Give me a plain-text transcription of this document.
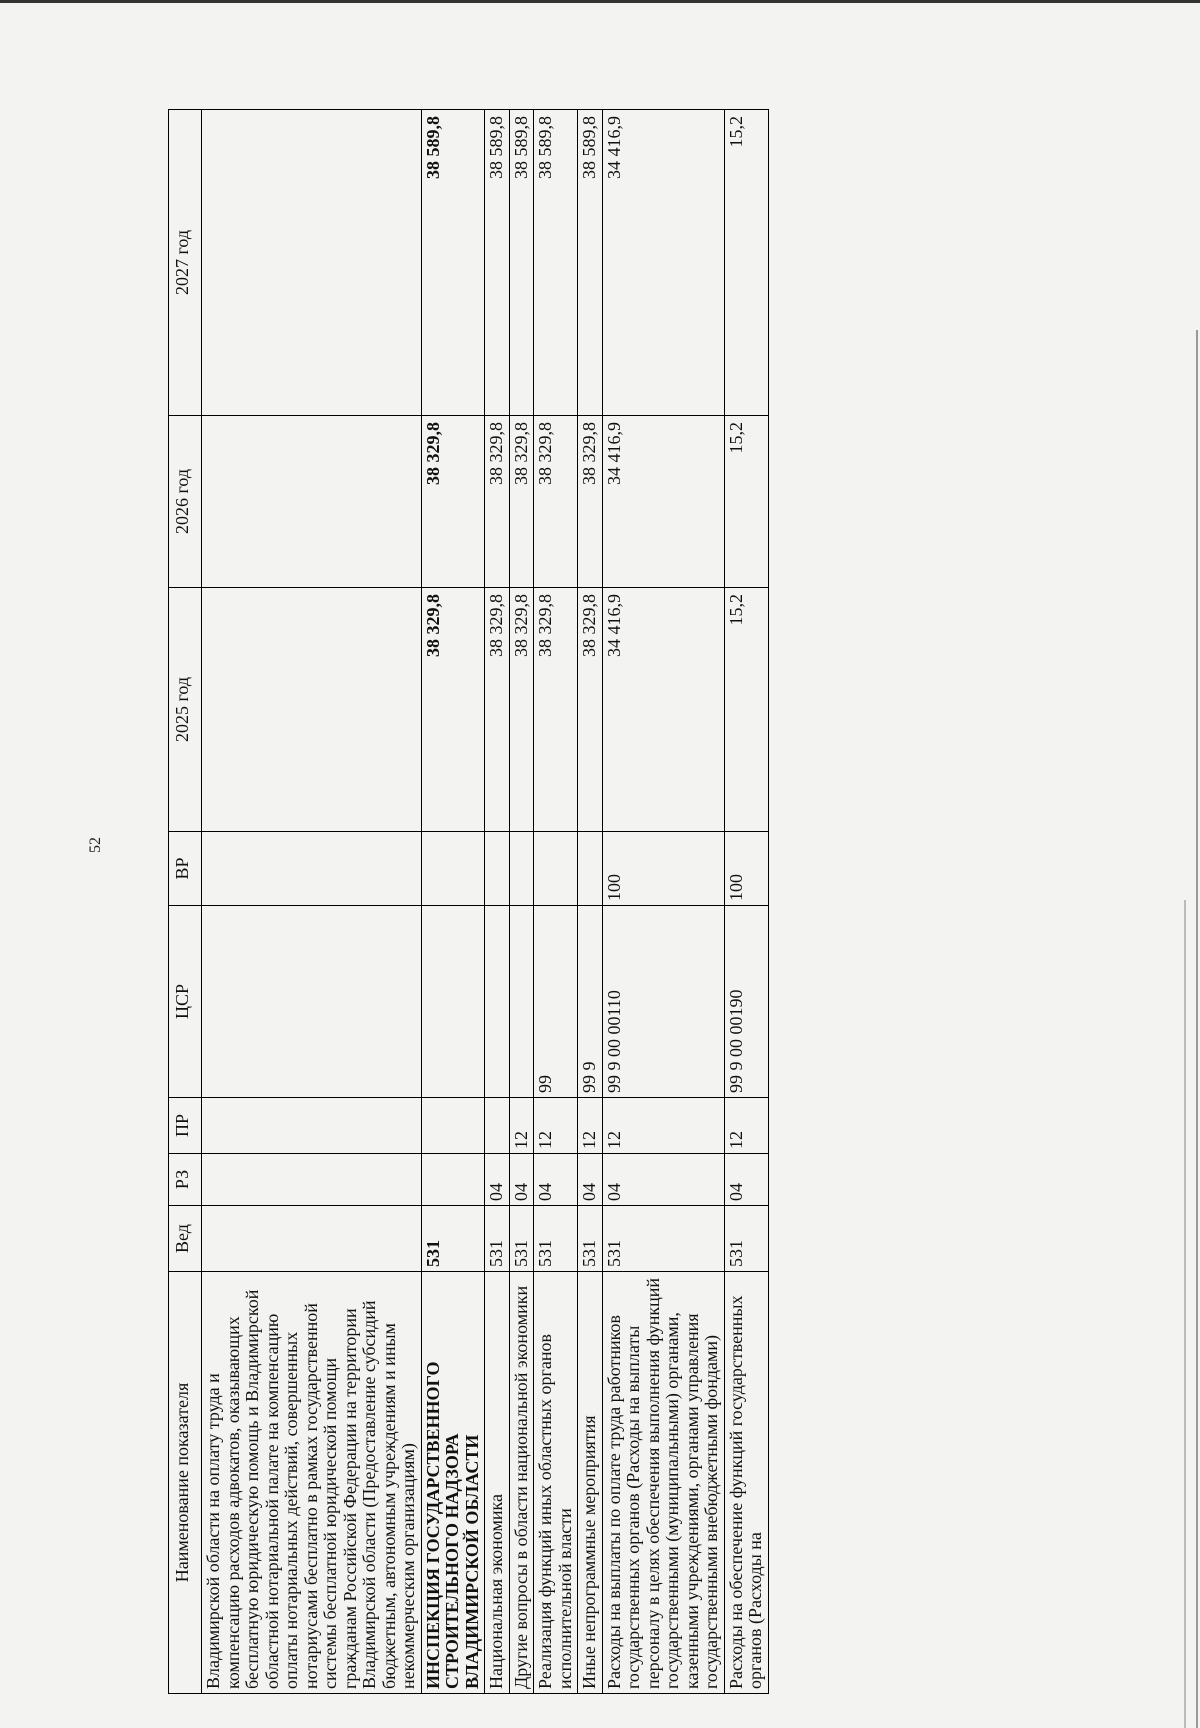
52
Наименование показателя	Вед	РЗ	ПР	ЦСР	ВР	2025 год	2026 год	2027 год
Владимирской области на оплату труда и компенсацию расходов адвокатов, оказывающих бесплатную юридическую помощь и Владимирской областной нотариальной палате на компенсацию оплаты нотариальных действий, совершенных нотариусами бесплатно в рамках государственной системы бесплатной юридической помощи гражданам Российской Федерации на территории Владимирской области (Предоставление субсидий бюджетным, автономным учреждениям и иным некоммерческим организациям)								
ИНСПЕКЦИЯ ГОСУДАРСТВЕННОГО СТРОИТЕЛЬНОГО НАДЗОРА ВЛАДИМИРСКОЙ ОБЛАСТИ	531					38 329,8	38 329,8	38 589,8
Национальная экономика	531	04				38 329,8	38 329,8	38 589,8
Другие вопросы в области национальной экономики	531	04	12			38 329,8	38 329,8	38 589,8
Реализация функций иных областных органов исполнительной власти	531	04	12	99		38 329,8	38 329,8	38 589,8
Иные непрограммные мероприятия	531	04	12	99 9		38 329,8	38 329,8	38 589,8
Расходы на выплаты по оплате труда работников государственных органов (Расходы на выплаты персоналу в целях обеспечения выполнения функций государственными (муниципальными) органами, казенными учреждениями, органами управления государственными внебюджетными фондами)	531	04	12	99 9 00 00110	100	34 416,9	34 416,9	34 416,9
Расходы на обеспечение функций государственных органов (Расходы на	531	04	12	99 9 00 00190	100	15,2	15,2	15,2
